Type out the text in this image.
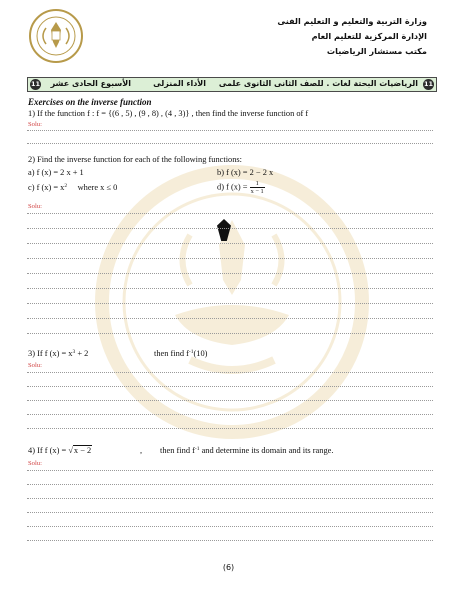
وزارة التربية والتعليم و التعليم الفنى
الإدارة المركزية للتعليم العام
مكتب مستشار الرياضيات
11
الرياضيات البحتة لغات . للصف الثانى الثانوى علمى
الأداء المنزلى
الأسبوع الحادى عشر
11
Exercises on the inverse function
1) If the function f : f = {(6 , 5) , (9 , 8) , (4 , 3)} , then find the inverse function of f
Solu:
2) Find the inverse function for each of the following functions:
a) f (x) = 2 x + 1	b) f (x) = 2 − 2 x
c) f $(x) = x^2$ where x ≤ 0	d) f $(x) = \frac{1}{x - 1}$
Solu:
3) If f $(x) = x^3 + 2$	then find $f^{-1}(10)$
Solu:
4) If f (x) = √x − 2	, then find $f^{-1}$ and determine its domain and its range.
Solu:
(6)
